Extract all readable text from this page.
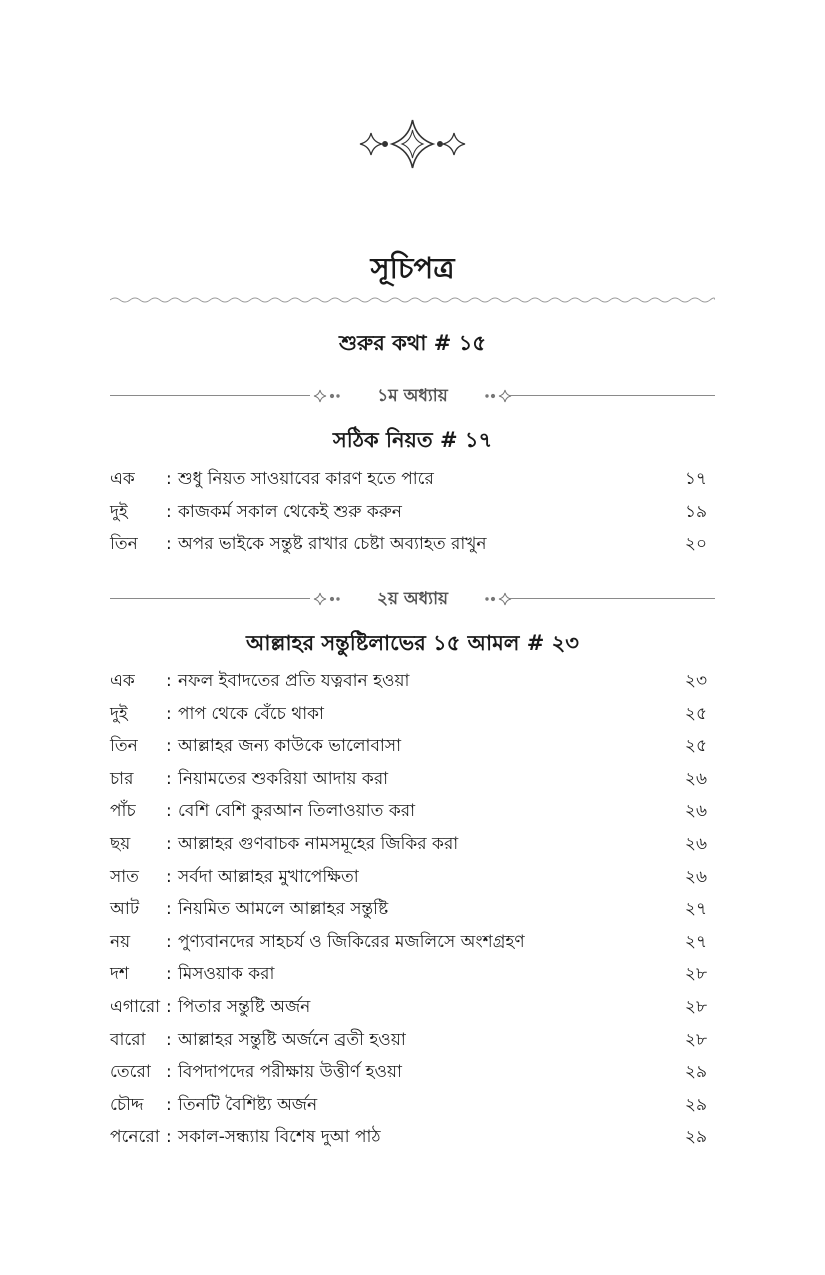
সূচিপত্র
শুরুর কথা # ১৫
১ম অধ্যায়
সঠিক নিয়ত # ১৭
এক : শুধু নিয়ত সাওয়াবের কারণ হতে পারে	১৭
দুই : কাজকর্ম সকাল থেকেই শুরু করুন	১৯
তিন : অপর ভাইকে সন্তুষ্ট রাখার চেষ্টা অব্যাহত রাখুন	২০
২য় অধ্যায়
আল্লাহর সন্তুষ্টিলাভের ১৫ আমল # ২৩
এক : নফল ইবাদতের প্রতি যত্নবান হওয়া	২৩
দুই : পাপ থেকে বেঁচে থাকা	২৫
তিন : আল্লাহর জন্য কাউকে ভালোবাসা	২৫
চার : নিয়ামতের শুকরিয়া আদায় করা	২৬
পাঁচ : বেশি বেশি কুরআন তিলাওয়াত করা	২৬
ছয় : আল্লাহর গুণবাচক নামসমূহের জিকির করা	২৬
সাত : সর্বদা আল্লাহর মুখাপেক্ষিতা	২৬
আট : নিয়মিত আমলে আল্লাহর সন্তুষ্টি	২৭
নয় : পুণ্যবানদের সাহচর্য ও জিকিরের মজলিসে অংশগ্রহণ	২৭
দশ : মিসওয়াক করা	২৮
এগারো : পিতার সন্তুষ্টি অর্জন	২৮
বারো : আল্লাহর সন্তুষ্টি অর্জনে ব্রতী হওয়া	২৮
তেরো : বিপদাপদের পরীক্ষায় উত্তীর্ণ হওয়া	২৯
চৌদ্দ : তিনটি বৈশিষ্ট্য অর্জন	২৯
পনেরো : সকাল-সন্ধ্যায় বিশেষ দুআ পাঠ	২৯
